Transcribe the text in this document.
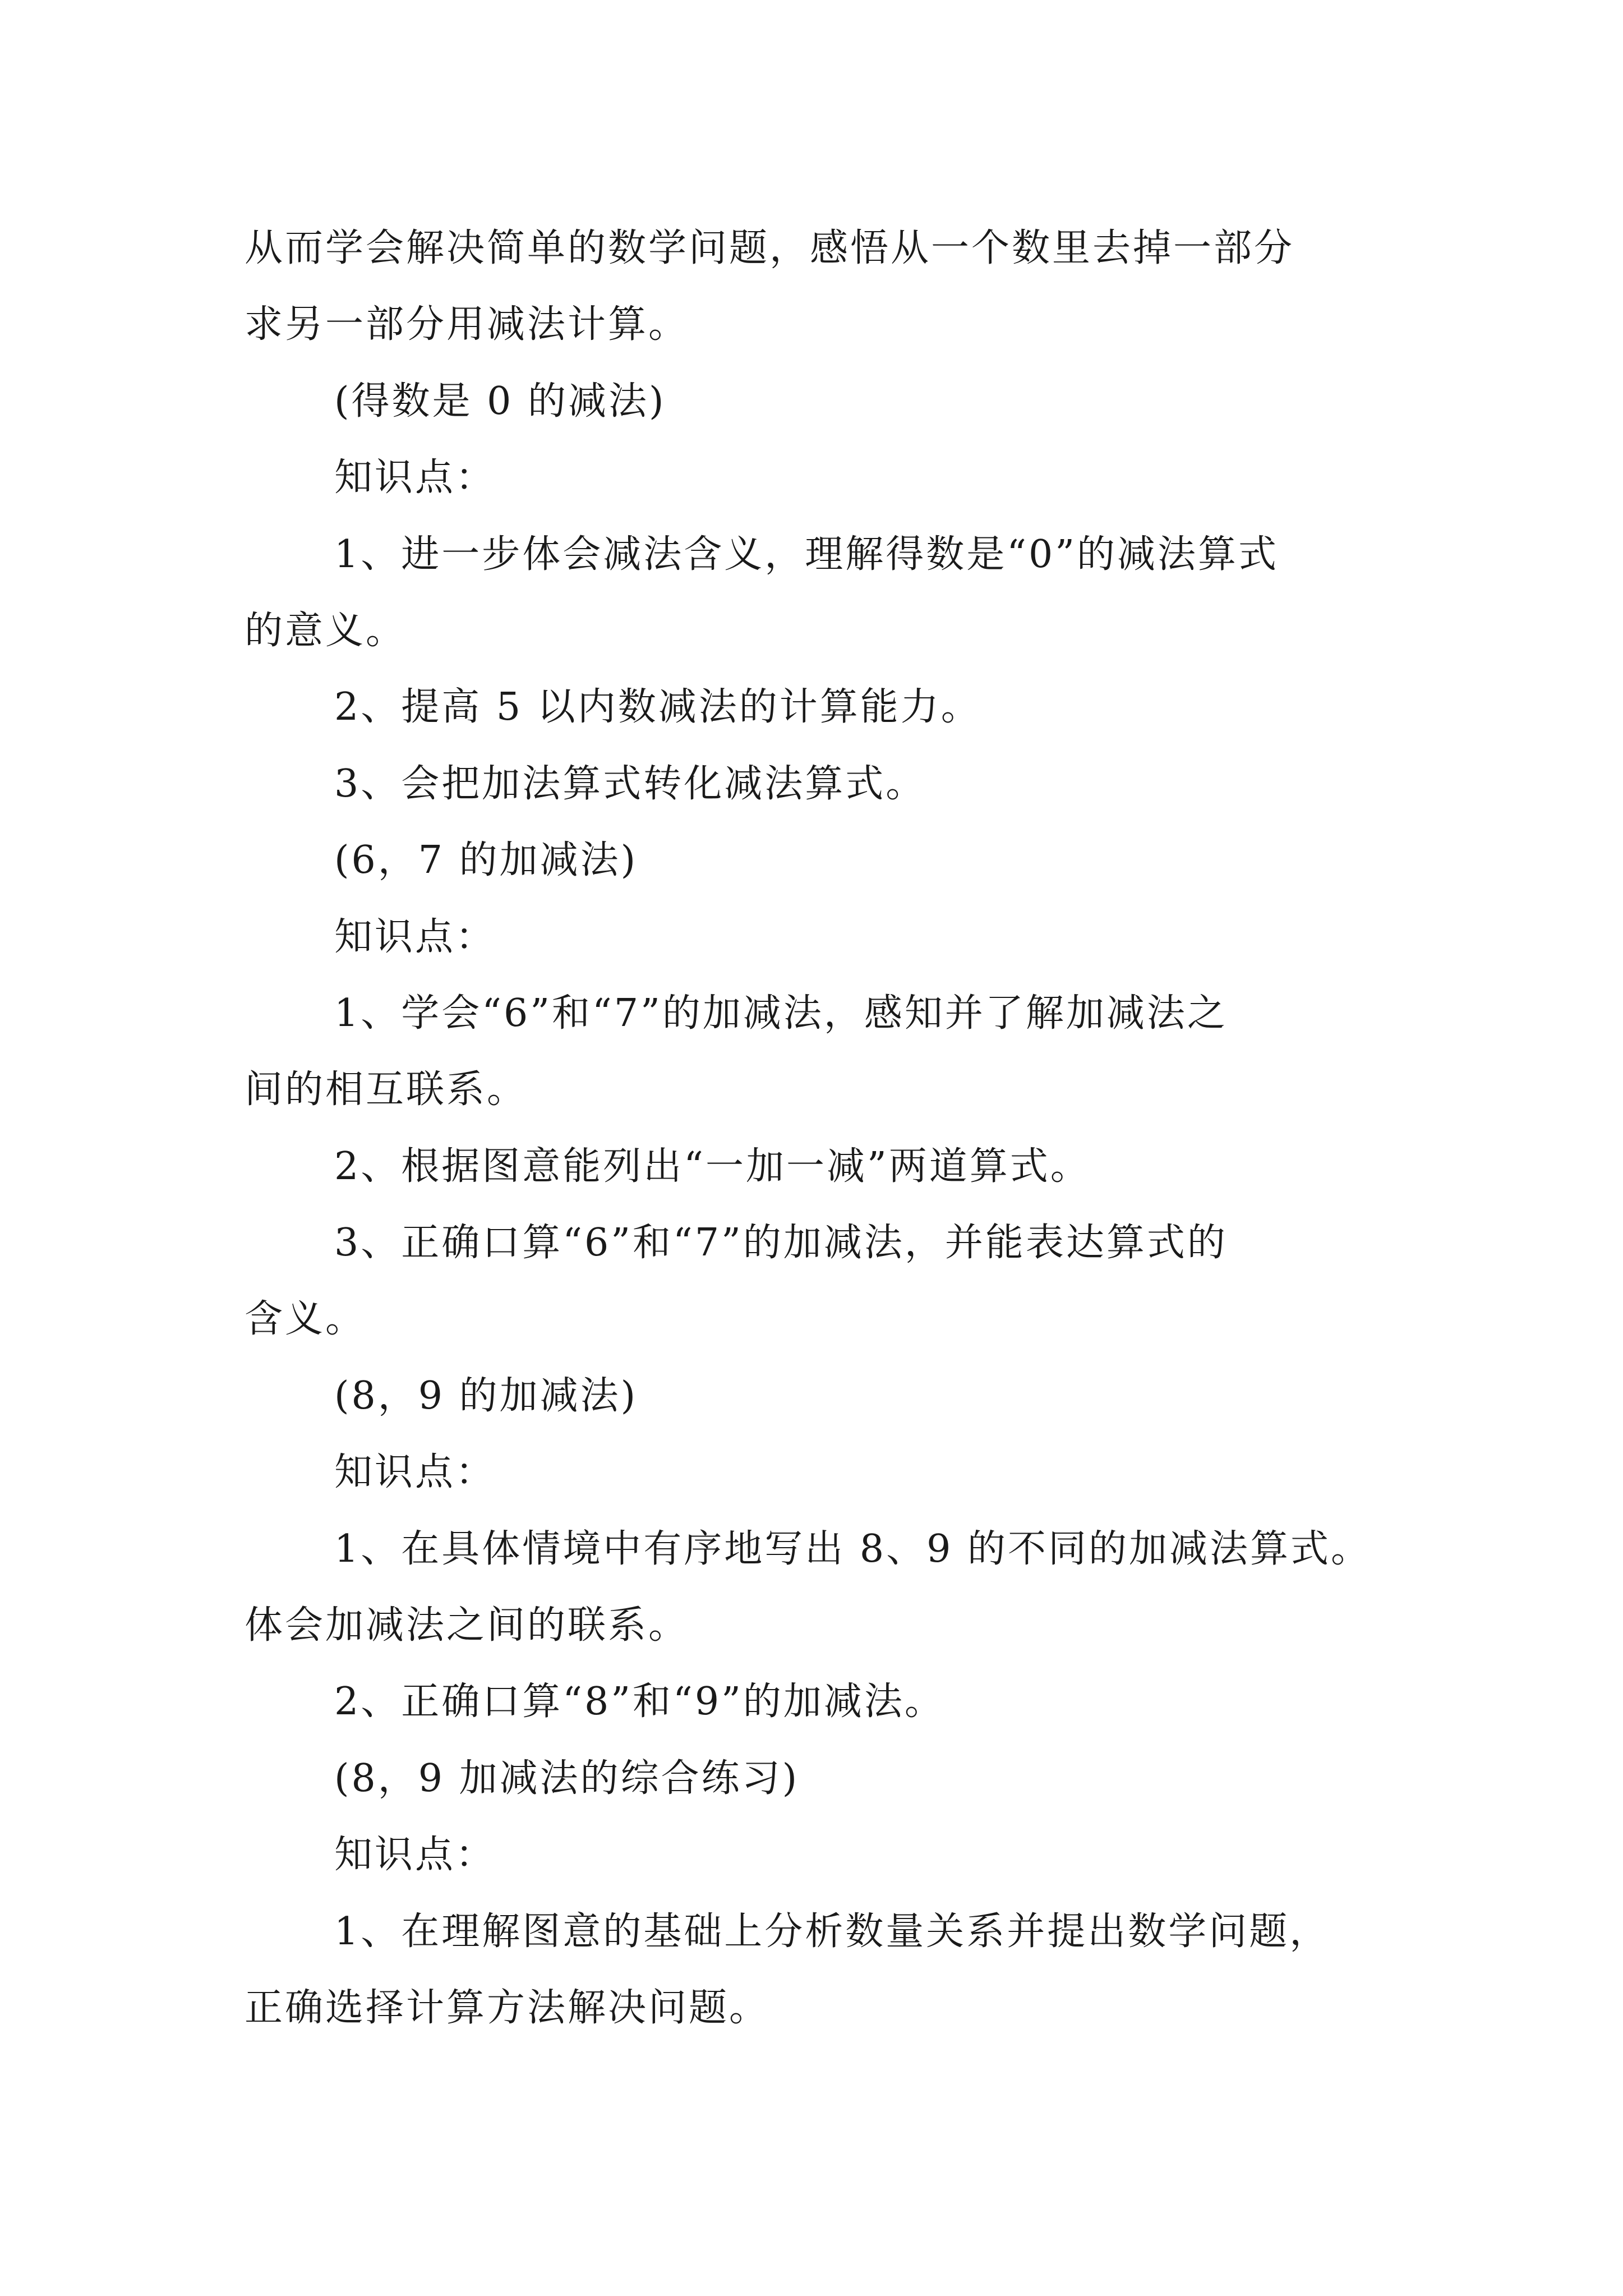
从而学会解决简单的数学问题，感悟从一个数里去掉一部分
求另一部分用减法计算。
(得数是 0 的减法)
知识点：
1、进一步体会减法含义，理解得数是“0”的减法算式
的意义。
2、提高 5 以内数减法的计算能力。
3、会把加法算式转化减法算式。
(6，7 的加减法)
知识点：
1、学会“6”和“7”的加减法，感知并了解加减法之
间的相互联系。
2、根据图意能列出“一加一减”两道算式。
3、正确口算“6”和“7”的加减法，并能表达算式的
含义。
(8，9 的加减法)
知识点：
1、在具体情境中有序地写出 8、9 的不同的加减法算式。
体会加减法之间的联系。
2、正确口算“8”和“9”的加减法。
(8，9 加减法的综合练习)
知识点：
1、在理解图意的基础上分析数量关系并提出数学问题，
正确选择计算方法解决问题。
